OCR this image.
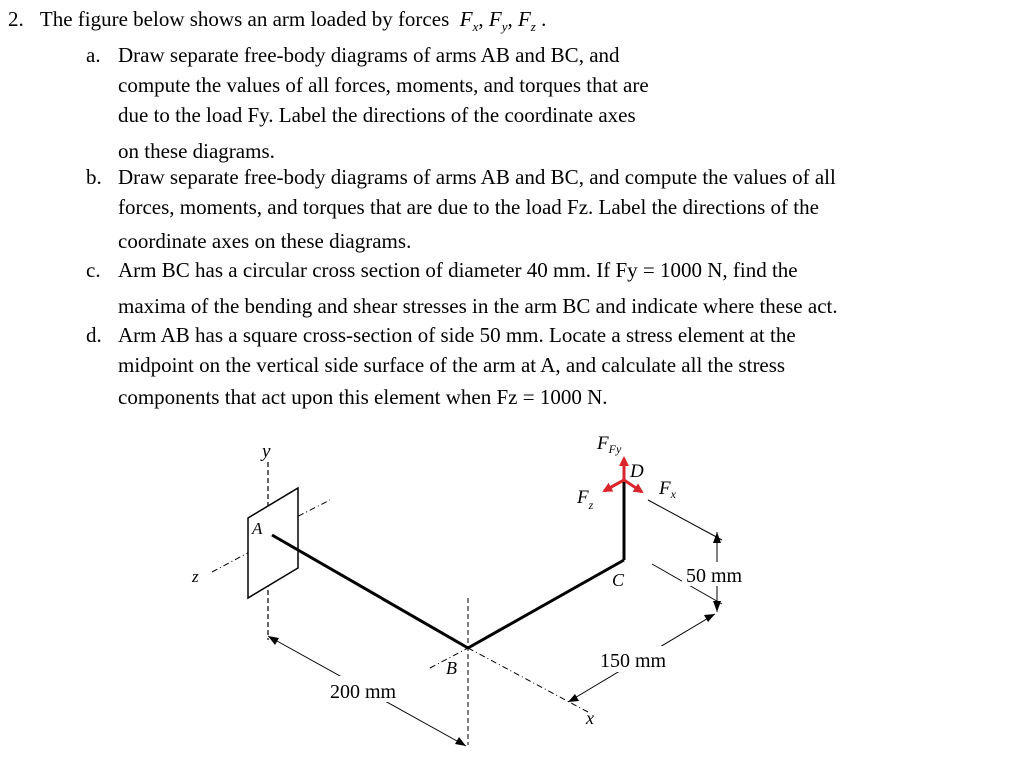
2. The figure below shows an arm loaded by forces $F_x$, $F_y$, $F_z$ .
a. Draw separate free-body diagrams of arms AB and BC, and
compute the values of all forces, moments, and torques that are
due to the load Fy. Label the directions of the coordinate axes
on these diagrams.
b. Draw separate free-body diagrams of arms AB and BC, and compute the values of all
forces, moments, and torques that are due to the load Fz. Label the directions of the
coordinate axes on these diagrams.
c. Arm BC has a circular cross section of diameter 40 mm. If Fy = 1000 N, find the
maxima of the bending and shear stresses in the arm BC and indicate where these act.
d. Arm AB has a square cross-section of side 50 mm. Locate a stress element at the
midpoint on the vertical side surface of the arm at A, and calculate all the stress
components that act upon this element when Fz = 1000 N.
y
z
A
x
B
C
D
200 mm
150 mm
50 mm
$F_{Fy}$
$F_x$
$F_z$
